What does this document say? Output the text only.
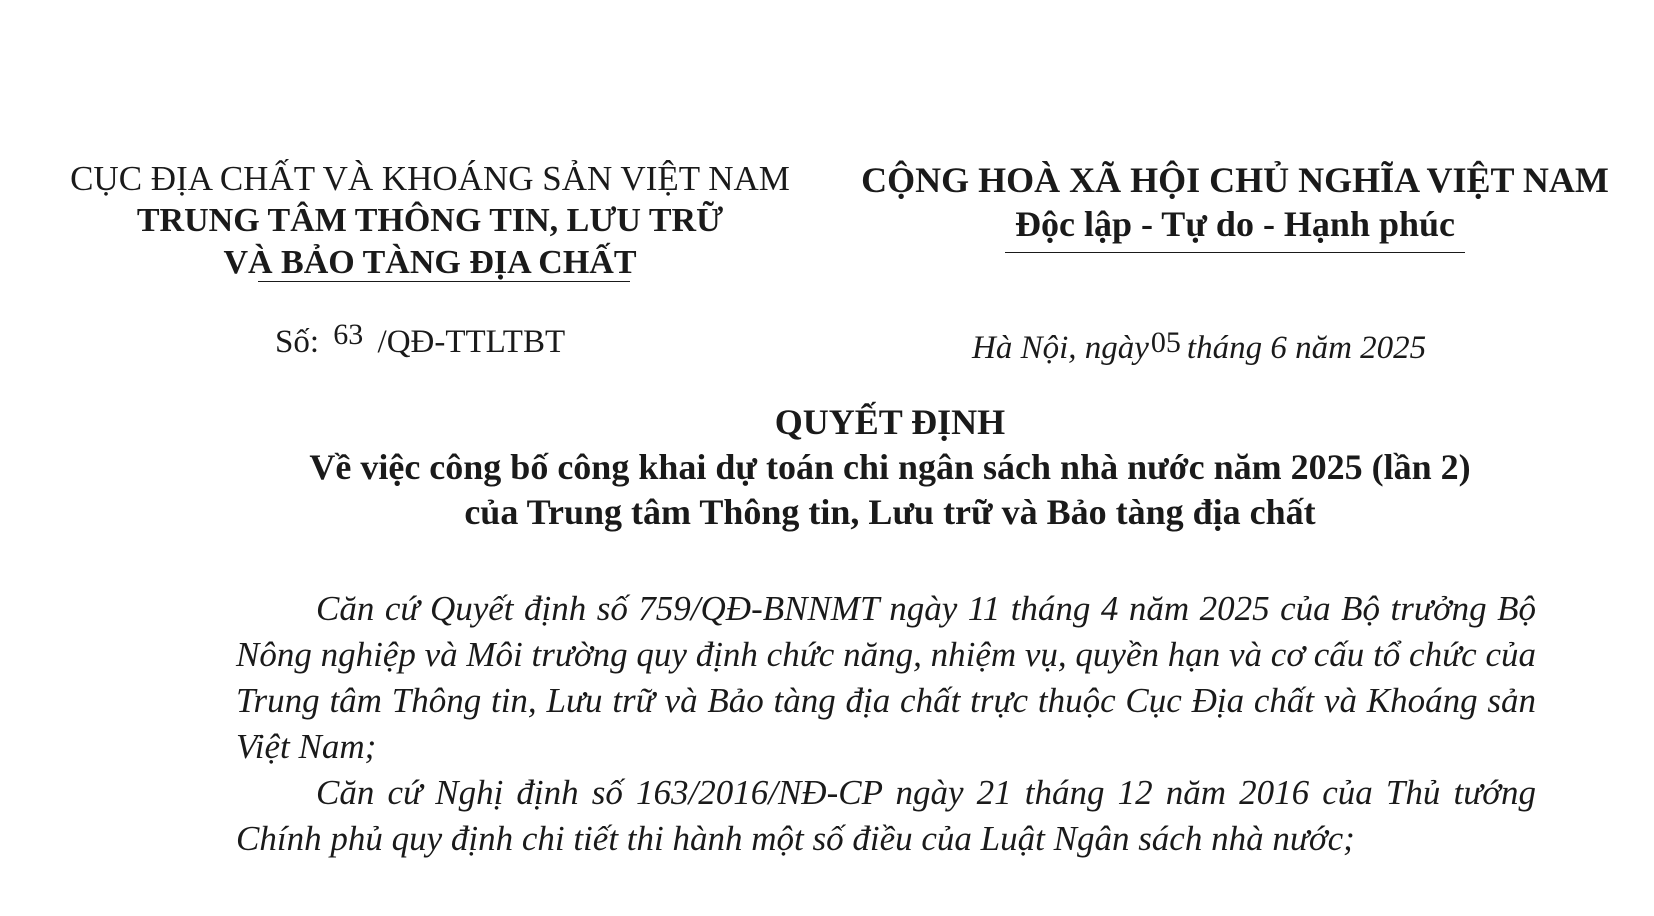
CỤC ĐỊA CHẤT VÀ KHOÁNG SẢN VIỆT NAM
TRUNG TÂM THÔNG TIN, LƯU TRỮ
VÀ BẢO TÀNG ĐỊA CHẤT
CỘNG HOÀ XÃ HỘI CHỦ NGHĨA VIỆT NAM
Độc lập - Tự do - Hạnh phúc
Số: 63 /QĐ-TTLTBT	Hà Nội, ngày05 tháng 6 năm 2025
QUYẾT ĐỊNH
Về việc công bố công khai dự toán chi ngân sách nhà nước năm 2025 (lần 2)
của Trung tâm Thông tin, Lưu trữ và Bảo tàng địa chất

Căn cứ Quyết định số 759/QĐ-BNNMT ngày 11 tháng 4 năm 2025 của Bộ trưởng Bộ Nông nghiệp và Môi trường quy định chức năng, nhiệm vụ, quyền hạn và cơ cấu tổ chức của Trung tâm Thông tin, Lưu trữ và Bảo tàng địa chất trực thuộc Cục Địa chất và Khoáng sản Việt Nam;

Căn cứ Nghị định số 163/2016/NĐ-CP ngày 21 tháng 12 năm 2016 của Thủ tướng Chính phủ quy định chi tiết thi hành một số điều của Luật Ngân sách nhà nước;
